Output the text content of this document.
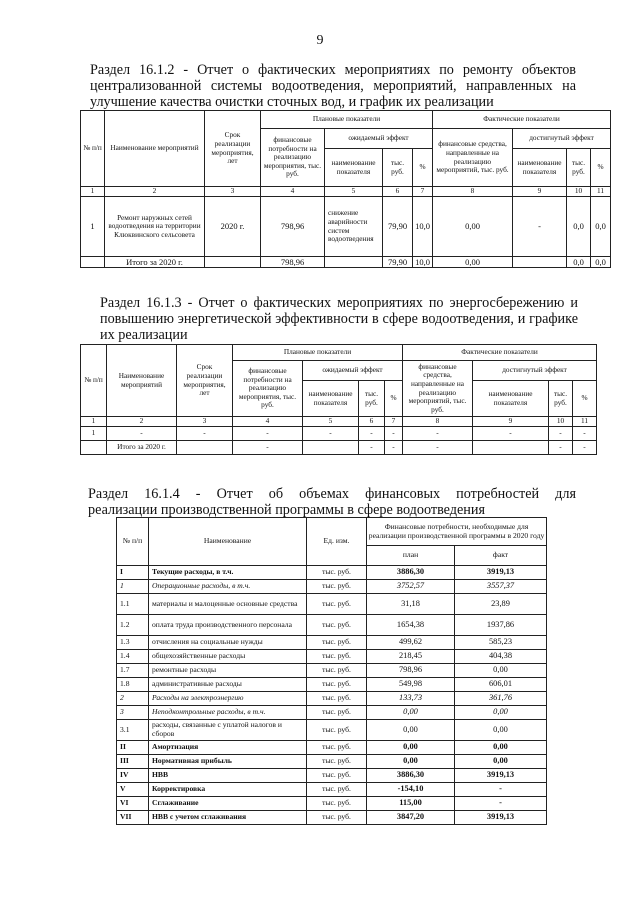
9
Раздел 16.1.2 - Отчет о фактических мероприятиях по ремонту объектов
централизованной системы водоотведения, мероприятий, направленных на
улучшение качества очистки сточных вод, и график их реализации
№ п/п	Наименование мероприятий	Срок реализации мероприятия, лет	Плановые показатели				Фактические показатели			
			финансовые потребности на реализацию мероприятия, тыс. руб.	ожидаемый эффект			финансовые средства, направленные на реализацию мероприятий, тыс. руб.	достигнутый эффект		
				наименование показателя	тыс. руб.	%		наименование показателя	тыс. руб.	%
1	2	3	4	5	6	7	8	9	10	11
1	Ремонт наружных сетей водоотведения на территории Клюквинского сельсовета	2020 г.	798,96	снижение аварийности систем водоотведения	79,90	10,0	0,00	-	0,0	0,0
	Итого за 2020 г.		798,96		79,90	10,0	0,00		0,0	0,0
Раздел 16.1.3 - Отчет о фактических мероприятиях по энергосбережению и
повышению энергетической эффективности в сфере водоотведения, и графике
их реализации
№ п/п	Наименование мероприятий	Срок реализации мероприятия, лет	Плановые показатели				Фактические показатели			
			финансовые потребности на реализацию мероприятия, тыс. руб.	ожидаемый эффект			финансовые средства, направленные на реализацию мероприятий, тыс. руб.	достигнутый эффект		
				наименование показателя	тыс. руб.	%		наименование показателя	тыс. руб.	%
1	2	3	4	5	6	7	8	9	10	11
1	-	-	-	-	-	-	-	-	-	-
	Итого за 2020 г.		-		-	-	-		-	-
Раздел 16.1.4 - Отчет об объемах финансовых потребностей для
реализации производственной программы в сфере водоотведения
№ п/п	Наименование	Ед. изм.	Финансовые потребности, необходимые для реализации производственной программы в 2020 году	
			план	факт
I	Текущие расходы, в т.ч.	тыс. руб.	3886,30	3919,13
1	Операционные расходы, в т.ч.	тыс. руб.	3752,57	3557,37
1.1	материалы и малоценные основные средства	тыс. руб.	31,18	23,89
1.2	оплата труда производственного персонала	тыс. руб.	1654,38	1937,86
1.3	отчисления на социальные нужды	тыс. руб.	499,62	585,23
1.4	общехозяйственные расходы	тыс. руб.	218,45	404,38
1.7	ремонтные расходы	тыс. руб.	798,96	0,00
1.8	административные расходы	тыс. руб.	549,98	606,01
2	Расходы на электроэнергию	тыс. руб.	133,73	361,76
3	Неподконтрольные расходы, в т.ч.	тыс. руб.	0,00	0,00
3.1	расходы, связанные с уплатой налогов и сборов	тыс. руб.	0,00	0,00
II	Амортизация	тыс. руб.	0,00	0,00
III	Нормативная прибыль	тыс. руб.	0,00	0,00
IV	НВВ	тыс. руб.	3886,30	3919,13
V	Корректировка	тыс. руб.	-154,10	-
VI	Сглаживание	тыс. руб.	115,00	-
VII	НВВ с учетом сглаживания	тыс. руб.	3847,20	3919,13
